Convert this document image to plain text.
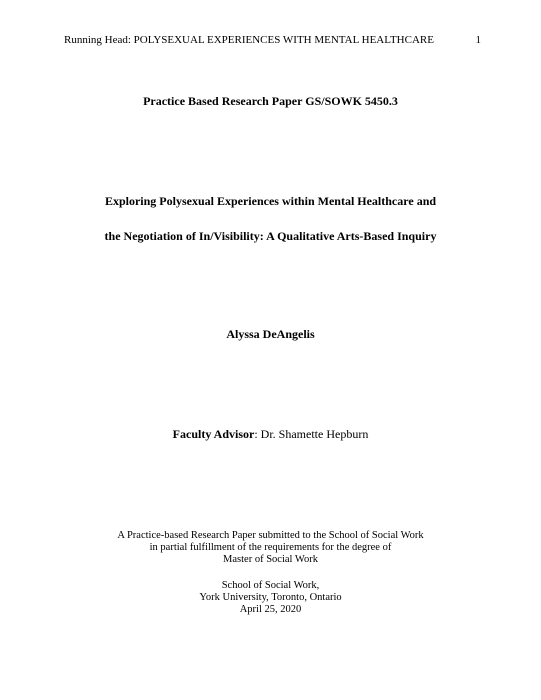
Running Head: POLYSEXUAL EXPERIENCES WITH MENTAL HEALTHCARE	1
Practice Based Research Paper GS/SOWK 5450.3
Exploring Polysexual Experiences within Mental Healthcare and
the Negotiation of In/Visibility: A Qualitative Arts-Based Inquiry
Alyssa DeAngelis
Faculty Advisor: Dr. Shamette Hepburn
A Practice-based Research Paper submitted to the School of Social Work
in partial fulfillment of the requirements for the degree of
Master of Social Work
School of Social Work,
York University, Toronto, Ontario
April 25, 2020
